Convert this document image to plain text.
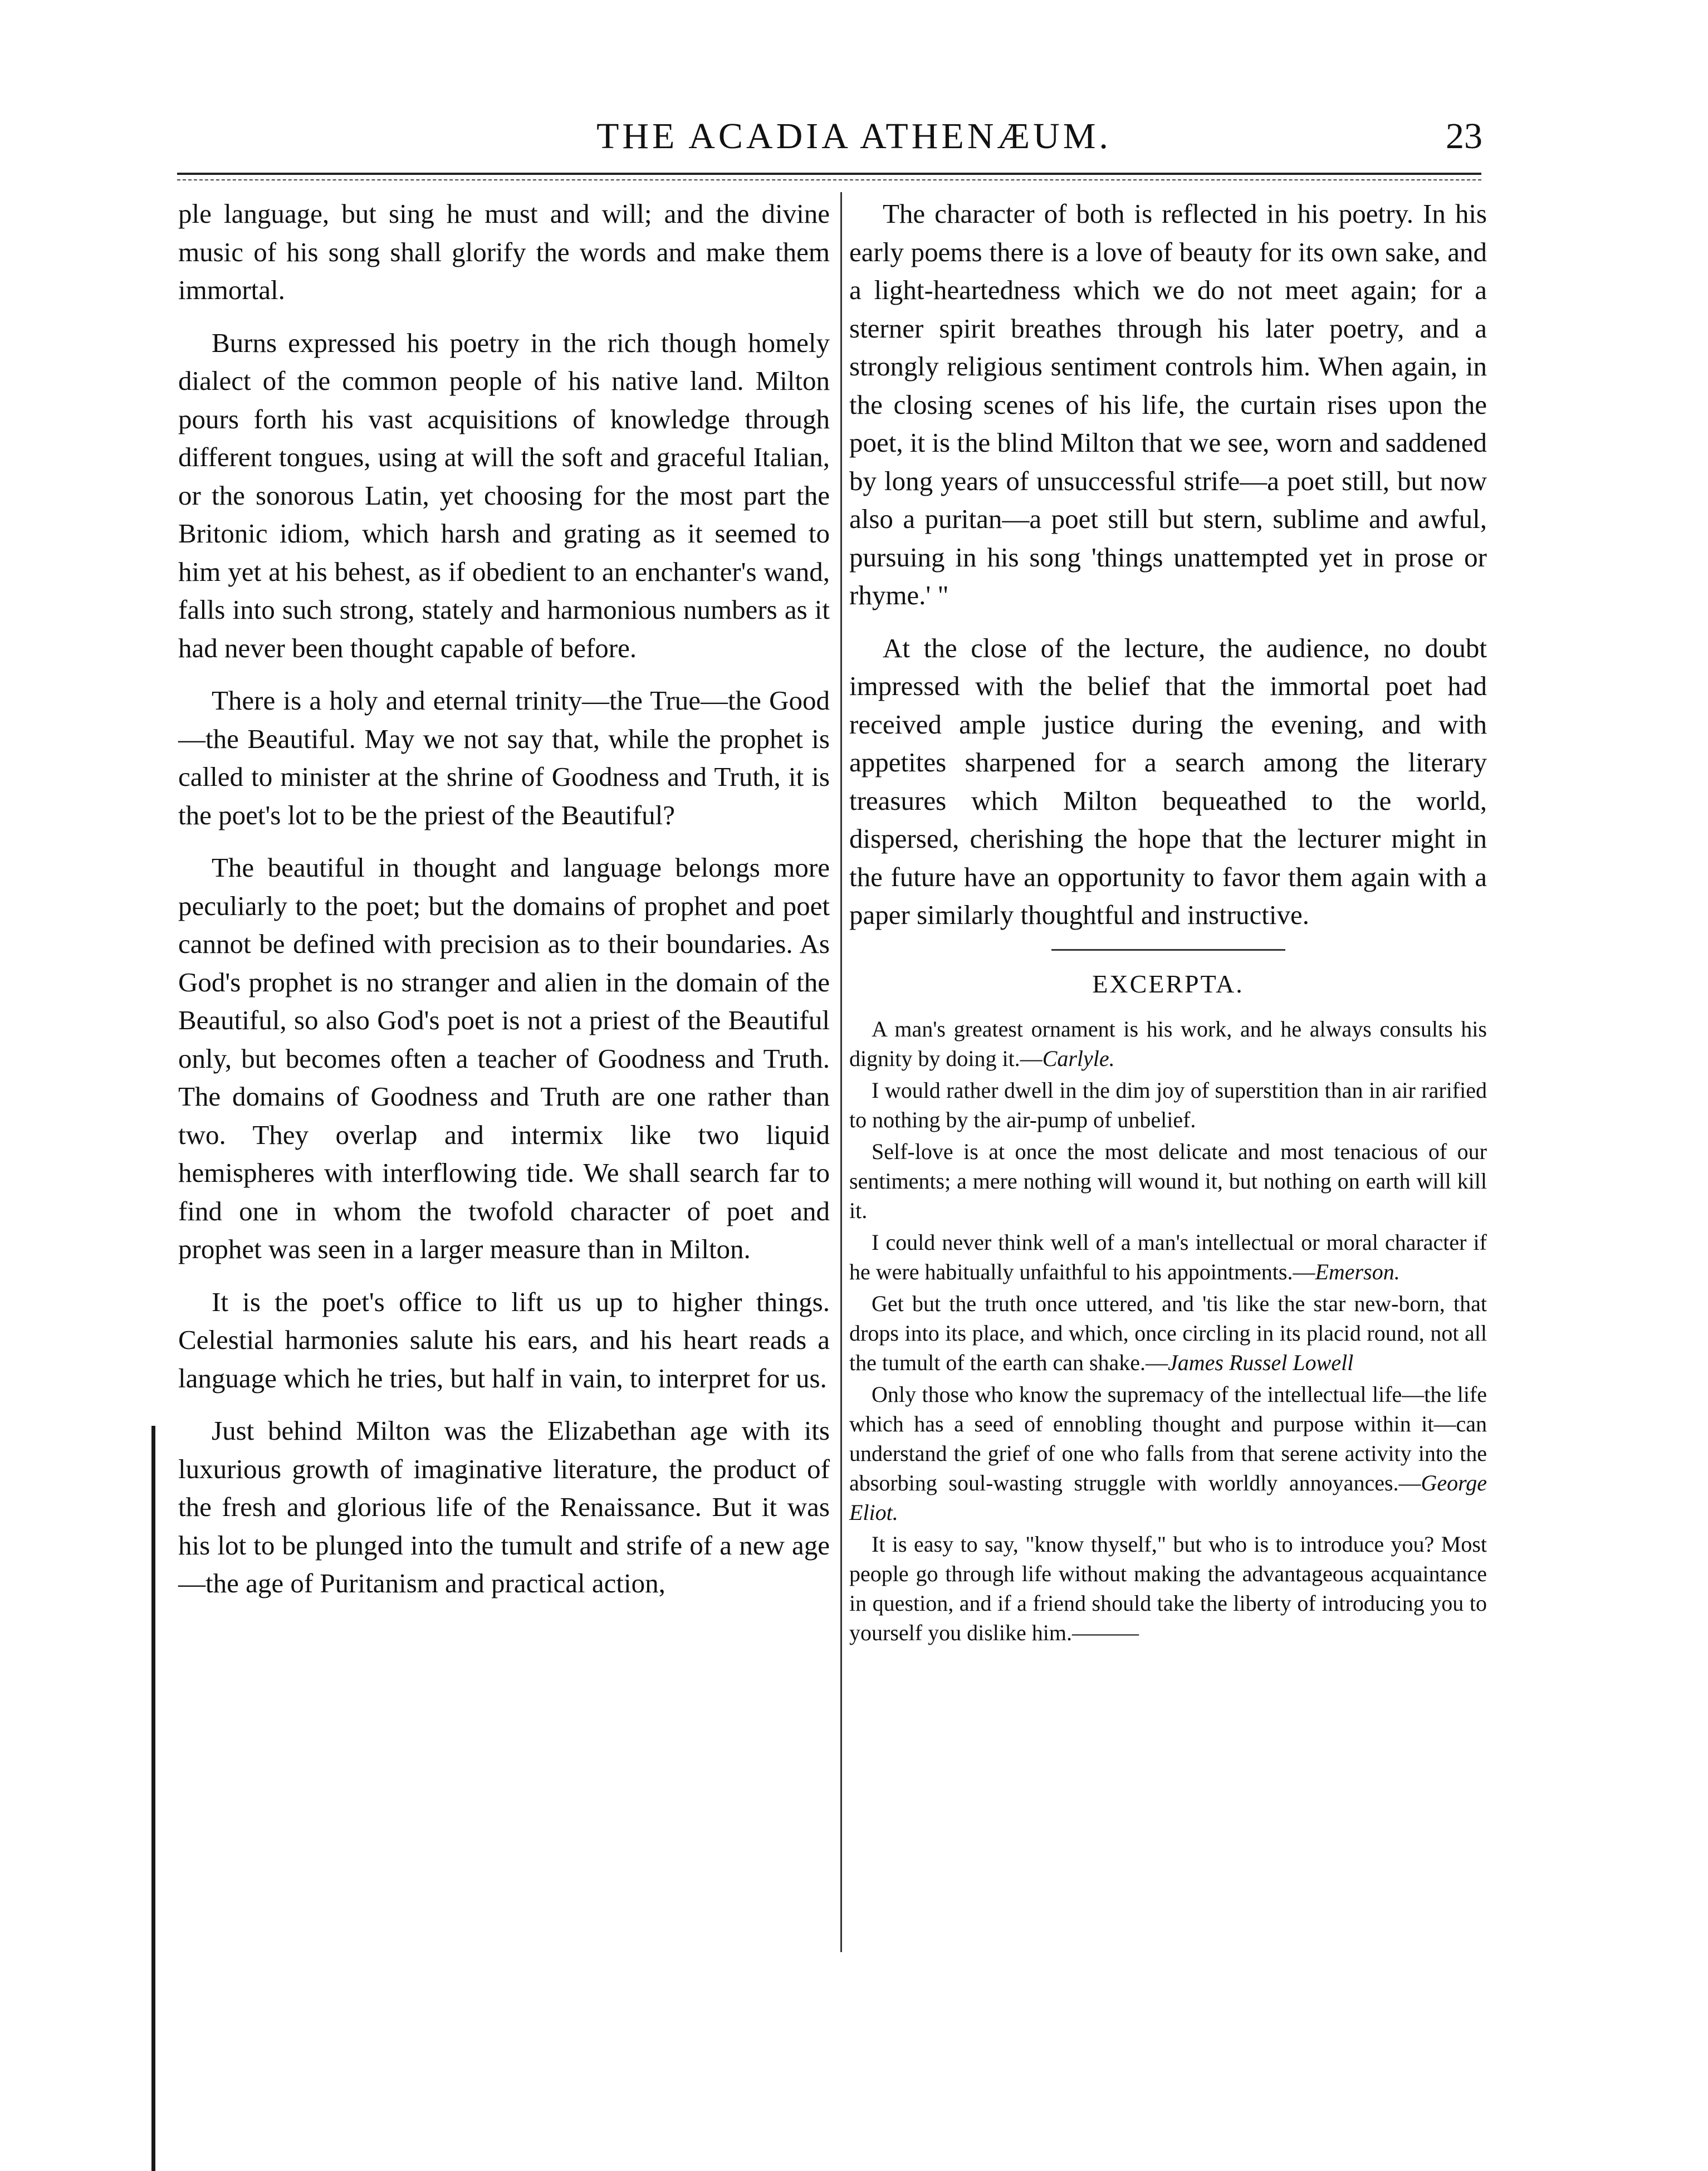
THE ACADIA ATHENÆUM.	23

ple language, but sing he must and will; and the divine music of his song shall glorify the words and make them immortal.

Burns expressed his poetry in the rich though homely dialect of the common people of his native land. Milton pours forth his vast acquisitions of knowledge through different tongues, using at will the soft and graceful Italian, or the sonorous Latin, yet choosing for the most part the Britonic idiom, which harsh and grating as it seemed to him yet at his behest, as if obedient to an enchanter's wand, falls into such strong, stately and harmonious numbers as it had never been thought capable of before.

There is a holy and eternal trinity—the True—the Good—the Beautiful. May we not say that, while the prophet is called to minister at the shrine of Goodness and Truth, it is the poet's lot to be the priest of the Beautiful?

The beautiful in thought and language belongs more peculiarly to the poet; but the domains of prophet and poet cannot be defined with precision as to their boundaries. As God's prophet is no stranger and alien in the domain of the Beautiful, so also God's poet is not a priest of the Beautiful only, but becomes often a teacher of Goodness and Truth. The domains of Goodness and Truth are one rather than two. They overlap and intermix like two liquid hemispheres with interflowing tide. We shall search far to find one in whom the twofold character of poet and prophet was seen in a larger measure than in Milton.

It is the poet's office to lift us up to higher things. Celestial harmonies salute his ears, and his heart reads a language which he tries, but half in vain, to interpret for us.

Just behind Milton was the Elizabethan age with its luxurious growth of imaginative literature, the product of the fresh and glorious life of the Renaissance. But it was his lot to be plunged into the tumult and strife of a new age—the age of Puritanism and practical action,

The character of both is reflected in his poetry. In his early poems there is a love of beauty for its own sake, and a light-heartedness which we do not meet again; for a sterner spirit breathes through his later poetry, and a strongly religious sentiment controls him. When again, in the closing scenes of his life, the curtain rises upon the poet, it is the blind Milton that we see, worn and saddened by long years of unsuccessful strife—a poet still, but now also a puritan—a poet still but stern, sublime and awful, pursuing in his song 'things unattempted yet in prose or rhyme.' "

At the close of the lecture, the audience, no doubt impressed with the belief that the immortal poet had received ample justice during the evening, and with appetites sharpened for a search among the literary treasures which Milton bequeathed to the world, dispersed, cherishing the hope that the lecturer might in the future have an opportunity to favor them again with a paper similarly thoughtful and instructive.

EXCERPTA.

A man's greatest ornament is his work, and he always consults his dignity by doing it.—Carlyle.

I would rather dwell in the dim joy of superstition than in air rarified to nothing by the air-pump of unbelief.

Self-love is at once the most delicate and most tenacious of our sentiments; a mere nothing will wound it, but nothing on earth will kill it.

I could never think well of a man's intellectual or moral character if he were habitually unfaithful to his appointments.—Emerson.

Get but the truth once uttered, and 'tis like the star new-born, that drops into its place, and which, once circling in its placid round, not all the tumult of the earth can shake.—James Russel Lowell

Only those who know the supremacy of the intellectual life—the life which has a seed of ennobling thought and purpose within it—can understand the grief of one who falls from that serene activity into the absorbing soul-wasting struggle with worldly annoyances.—George Eliot.

It is easy to say, "know thyself," but who is to introduce you? Most people go through life without making the advantageous acquaintance in question, and if a friend should take the liberty of introducing you to yourself you dislike him.———
